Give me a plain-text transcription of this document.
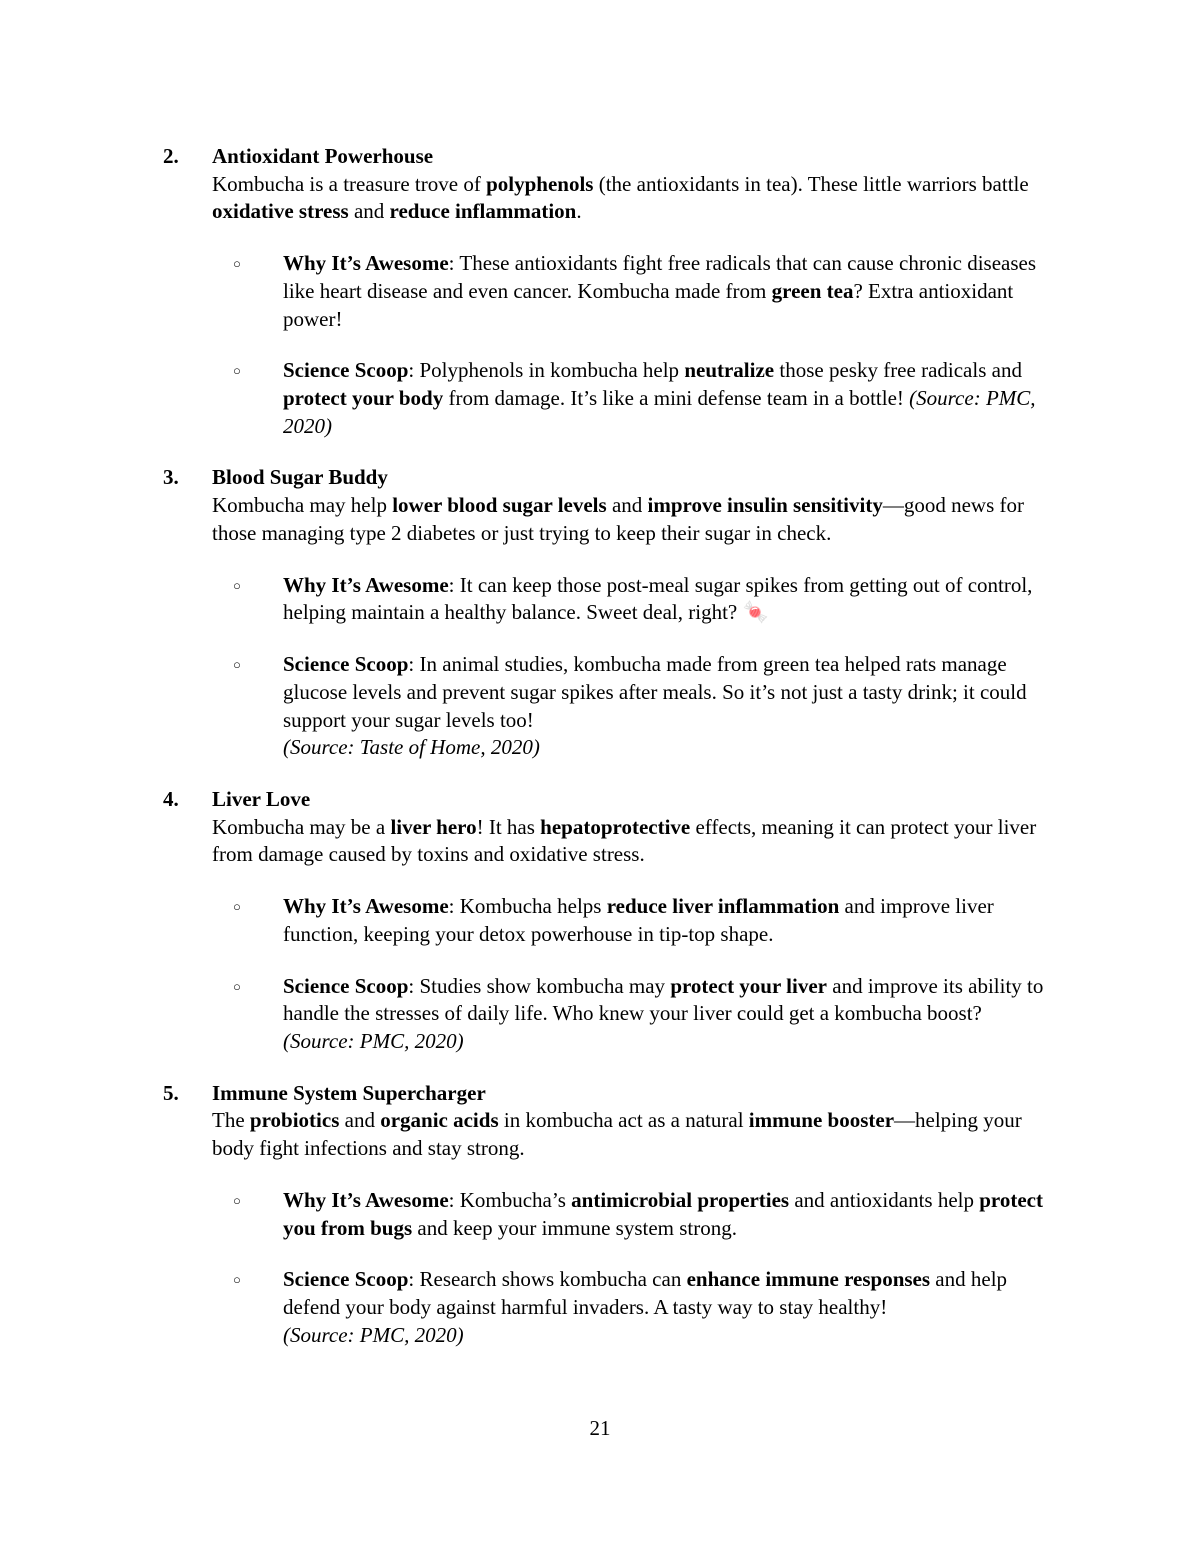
2.	Antioxidant Powerhouse

Kombucha is a treasure trove of polyphenols (the antioxidants in tea). These little warriors battle oxidative stress and reduce inflammation.

○	Why It’s Awesome: These antioxidants fight free radicals that can cause chronic diseases like heart disease and even cancer. Kombucha made from green tea? Extra antioxidant power!

○	Science Scoop: Polyphenols in kombucha help neutralize those pesky free radicals and protect your body from damage. It’s like a mini defense team in a bottle! (Source: PMC, 2020)

3.	Blood Sugar Buddy

Kombucha may help lower blood sugar levels and improve insulin sensitivity—good news for those managing type 2 diabetes or just trying to keep their sugar in check.

○	Why It’s Awesome: It can keep those post-meal sugar spikes from getting out of control, helping maintain a healthy balance. Sweet deal, right? 🍬

○	Science Scoop: In animal studies, kombucha made from green tea helped rats manage glucose levels and prevent sugar spikes after meals. So it’s not just a tasty drink; it could support your sugar levels too!
(Source: Taste of Home, 2020)

4.	Liver Love

Kombucha may be a liver hero! It has hepatoprotective effects, meaning it can protect your liver from damage caused by toxins and oxidative stress.

○	Why It’s Awesome: Kombucha helps reduce liver inflammation and improve liver function, keeping your detox powerhouse in tip-top shape.

○	Science Scoop: Studies show kombucha may protect your liver and improve its ability to handle the stresses of daily life. Who knew your liver could get a kombucha boost? (Source: PMC, 2020)

5.	Immune System Supercharger

The probiotics and organic acids in kombucha act as a natural immune booster—helping your body fight infections and stay strong.

○	Why It’s Awesome: Kombucha’s antimicrobial properties and antioxidants help protect you from bugs and keep your immune system strong.

○	Science Scoop: Research shows kombucha can enhance immune responses and help defend your body against harmful invaders. A tasty way to stay healthy!
(Source: PMC, 2020)

21
